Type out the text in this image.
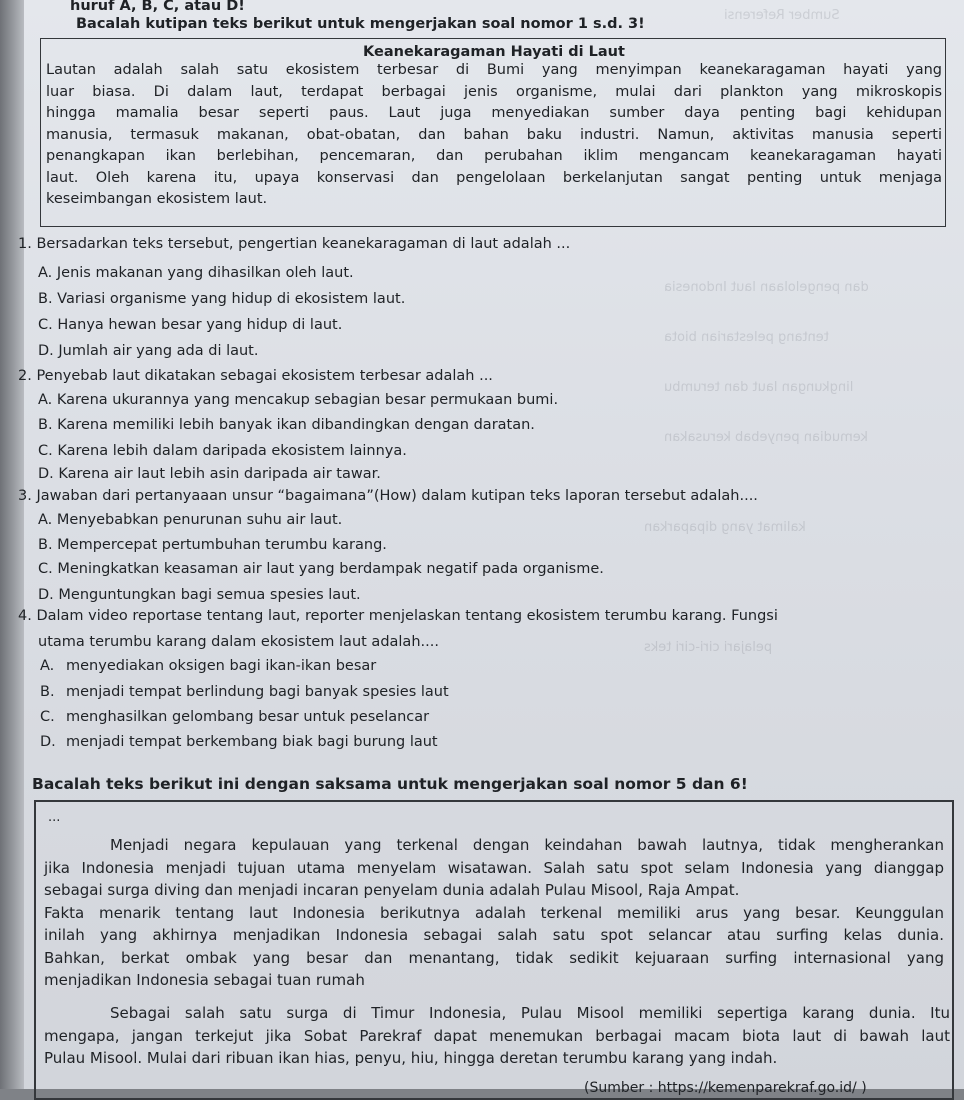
Sumber Referensi
dan pengelolaan laut Indonesia
tentang pelestarian biota
lingkungan laut dan terumbu
kemudian penyebab kerusakan
kalimat yang dipaparkan
pelajari ciri-ciri teks
huruf A, B, C, atau D!
Bacalah kutipan teks berikut untuk mengerjakan soal nomor 1 s.d. 3!
Keanekaragaman Hayati di Laut
Lautan adalah salah satu ekosistem terbesar di Bumi yang menyimpan keanekaragaman hayati yang
luar biasa. Di dalam laut, terdapat berbagai jenis organisme, mulai dari plankton yang mikroskopis
hingga mamalia besar seperti paus. Laut juga menyediakan sumber daya penting bagi kehidupan
manusia, termasuk makanan, obat-obatan, dan bahan baku industri. Namun, aktivitas manusia seperti
penangkapan ikan berlebihan, pencemaran, dan perubahan iklim mengancam keanekaragaman hayati
laut. Oleh karena itu, upaya konservasi dan pengelolaan berkelanjutan sangat penting untuk menjaga
keseimbangan ekosistem laut.
1. Bersadarkan teks tersebut, pengertian keanekaragaman di laut adalah ...
A. Jenis makanan yang dihasilkan oleh laut.
B. Variasi organisme yang hidup di ekosistem laut.
C. Hanya hewan besar yang hidup di laut.
D. Jumlah air yang ada di laut.
2. Penyebab laut dikatakan sebagai ekosistem terbesar adalah ...
A. Karena ukurannya yang mencakup sebagian besar permukaan bumi.
B. Karena memiliki lebih banyak ikan dibandingkan dengan daratan.
C. Karena lebih dalam daripada ekosistem lainnya.
D. Karena air laut lebih asin daripada air tawar.
3. Jawaban dari pertanyaaan unsur “bagaimana”(How) dalam kutipan teks laporan tersebut adalah....
A. Menyebabkan penurunan suhu air laut.
B. Mempercepat pertumbuhan terumbu karang.
C. Meningkatkan keasaman air laut yang berdampak negatif pada organisme.
D. Menguntungkan bagi semua spesies laut.
4. Dalam video reportase tentang laut, reporter menjelaskan tentang ekosistem terumbu karang. Fungsi
utama terumbu karang dalam ekosistem laut adalah....
A. menyediakan oksigen bagi ikan-ikan besar
B. menjadi tempat berlindung bagi banyak spesies laut
C. menghasilkan gelombang besar untuk peselancar
D. menjadi tempat berkembang biak bagi burung laut
Bacalah teks berikut ini dengan saksama untuk mengerjakan soal nomor 5 dan 6!
...
Menjadi negara kepulauan yang terkenal dengan keindahan bawah lautnya, tidak mengherankan
jika Indonesia menjadi tujuan utama menyelam wisatawan. Salah satu spot selam Indonesia yang dianggap
sebagai surga diving dan menjadi incaran penyelam dunia adalah Pulau Misool, Raja Ampat.
Fakta menarik tentang laut Indonesia berikutnya adalah terkenal memiliki arus yang besar. Keunggulan
inilah yang akhirnya menjadikan Indonesia sebagai salah satu spot selancar atau surfing kelas dunia.
Bahkan, berkat ombak yang besar dan menantang, tidak sedikit kejuaraan surfing internasional yang
menjadikan Indonesia sebagai tuan rumah
Sebagai salah satu surga di Timur Indonesia, Pulau Misool memiliki sepertiga karang dunia. Itu
mengapa, jangan terkejut jika Sobat Parekraf dapat menemukan berbagai macam biota laut di bawah laut
Pulau Misool. Mulai dari ribuan ikan hias, penyu, hiu, hingga deretan terumbu karang yang indah.
(Sumber : https://kemenparekraf.go.id/ )
